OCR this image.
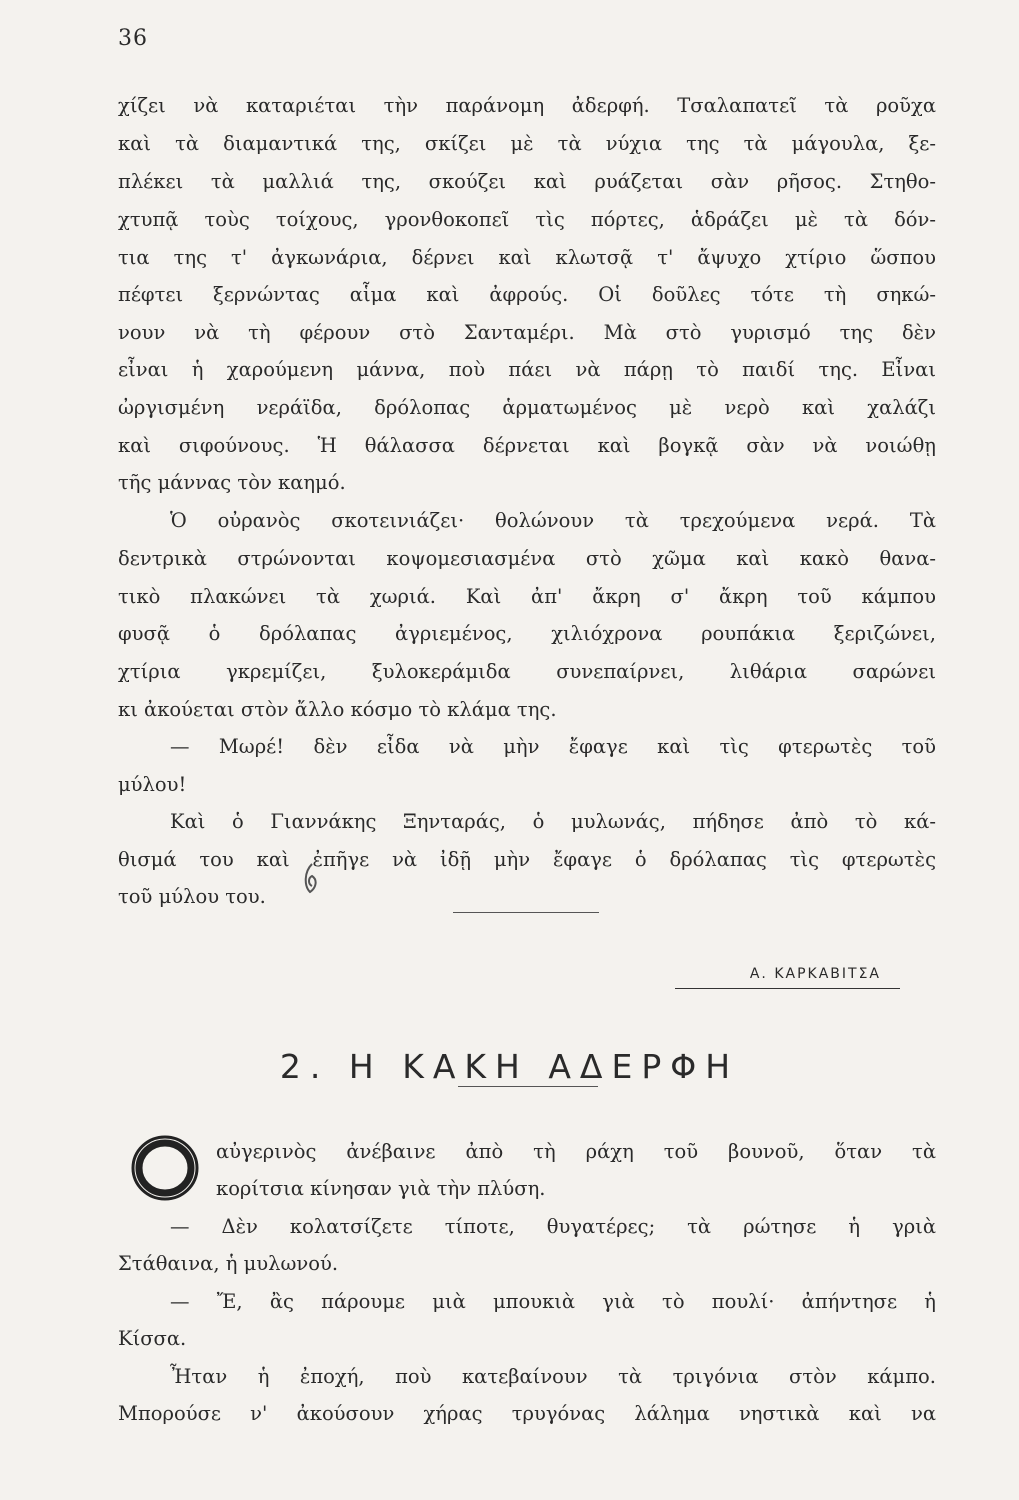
36
χίζει νὰ καταριέται τὴν παράνομη ἀδερφή. Τσαλαπατεῖ τὰ ροῦχα
καὶ τὰ διαμαντικά της, σκίζει μὲ τὰ νύχια της τὰ μάγουλα, ξε-
πλέκει τὰ μαλλιά της, σκούζει καὶ ρυάζεται σὰν ρῆσος. Στηθο-
χτυπᾷ τοὺς τοίχους, γρονθοκοπεῖ τὶς πόρτες, ἁδράζει μὲ τὰ δόν-
τια της τ' ἀγκωνάρια, δέρνει καὶ κλωτσᾷ τ' ἄψυχο χτίριο ὥσπου
πέφτει ξερνώντας αἷμα καὶ ἀφρούς. Οἱ δοῦλες τότε τὴ σηκώ-
νουν νὰ τὴ φέρουν στὸ Σανταμέρι. Μὰ στὸ γυρισμό της δὲν
εἶναι ἡ χαρούμενη μάννα, ποὺ πάει νὰ πάρῃ τὸ παιδί της. Εἶναι
ὠργισμένη νεράϊδα, δρόλοπας ἁρματωμένος μὲ νερὸ καὶ χαλάζι
καὶ σιφούνους. Ἡ θάλασσα δέρνεται καὶ βογκᾷ σὰν νὰ νοιώθῃ
τῆς μάννας τὸν καημό.
Ὁ οὐρανὸς σκοτεινιάζει· θολώνουν τὰ τρεχούμενα νερά. Τὰ
δεντρικὰ στρώνονται κοψομεσιασμένα στὸ χῶμα καὶ κακὸ θανα-
τικὸ πλακώνει τὰ χωριά. Καὶ ἀπ' ἄκρη σ' ἄκρη τοῦ κάμπου
φυσᾷ ὁ δρόλαπας ἀγριεμένος, χιλιόχρονα ρουπάκια ξεριζώνει,
χτίρια γκρεμίζει, ξυλοκεράμιδα συνεπαίρνει, λιθάρια σαρώνει
κι ἀκούεται στὸν ἄλλο κόσμο τὸ κλάμα της.
— Μωρέ! δὲν εἶδα νὰ μὴν ἔφαγε καὶ τὶς φτερωτὲς τοῦ
μύλου!
Καὶ ὁ Γιαννάκης Ξηνταράς, ὁ μυλωνάς, πήδησε ἀπὸ τὸ κά-
θισμά του καὶ ἐπῆγε νὰ ἰδῇ μὴν ἔφαγε ὁ δρόλαπας τὶς φτερωτὲς
τοῦ μύλου του.
Α. ΚΑΡΚΑΒΙΤΣΑ
2. Η ΚΑΚΗ ΑΔΕΡΦΗ
αὐγερινὸς ἀνέβαινε ἀπὸ τὴ ράχη τοῦ βουνοῦ, ὅταν τὰ
κορίτσια κίνησαν γιὰ τὴν πλύση.
— Δὲν κολατσίζετε τίποτε, θυγατέρες; τὰ ρώτησε ἡ γριὰ
Στάθαινα, ἡ μυλωνού.
— Ἔ, ἂς πάρουμε μιὰ μπουκιὰ γιὰ τὸ πουλί· ἀπήντησε ἡ
Κίσσα.
Ἦταν ἡ ἐποχή, ποὺ κατεβαίνουν τὰ τριγόνια στὸν κάμπο.
Μπορούσε ν' ἀκούσουν χήρας τρυγόνας λάλημα νηστικὰ καὶ να
